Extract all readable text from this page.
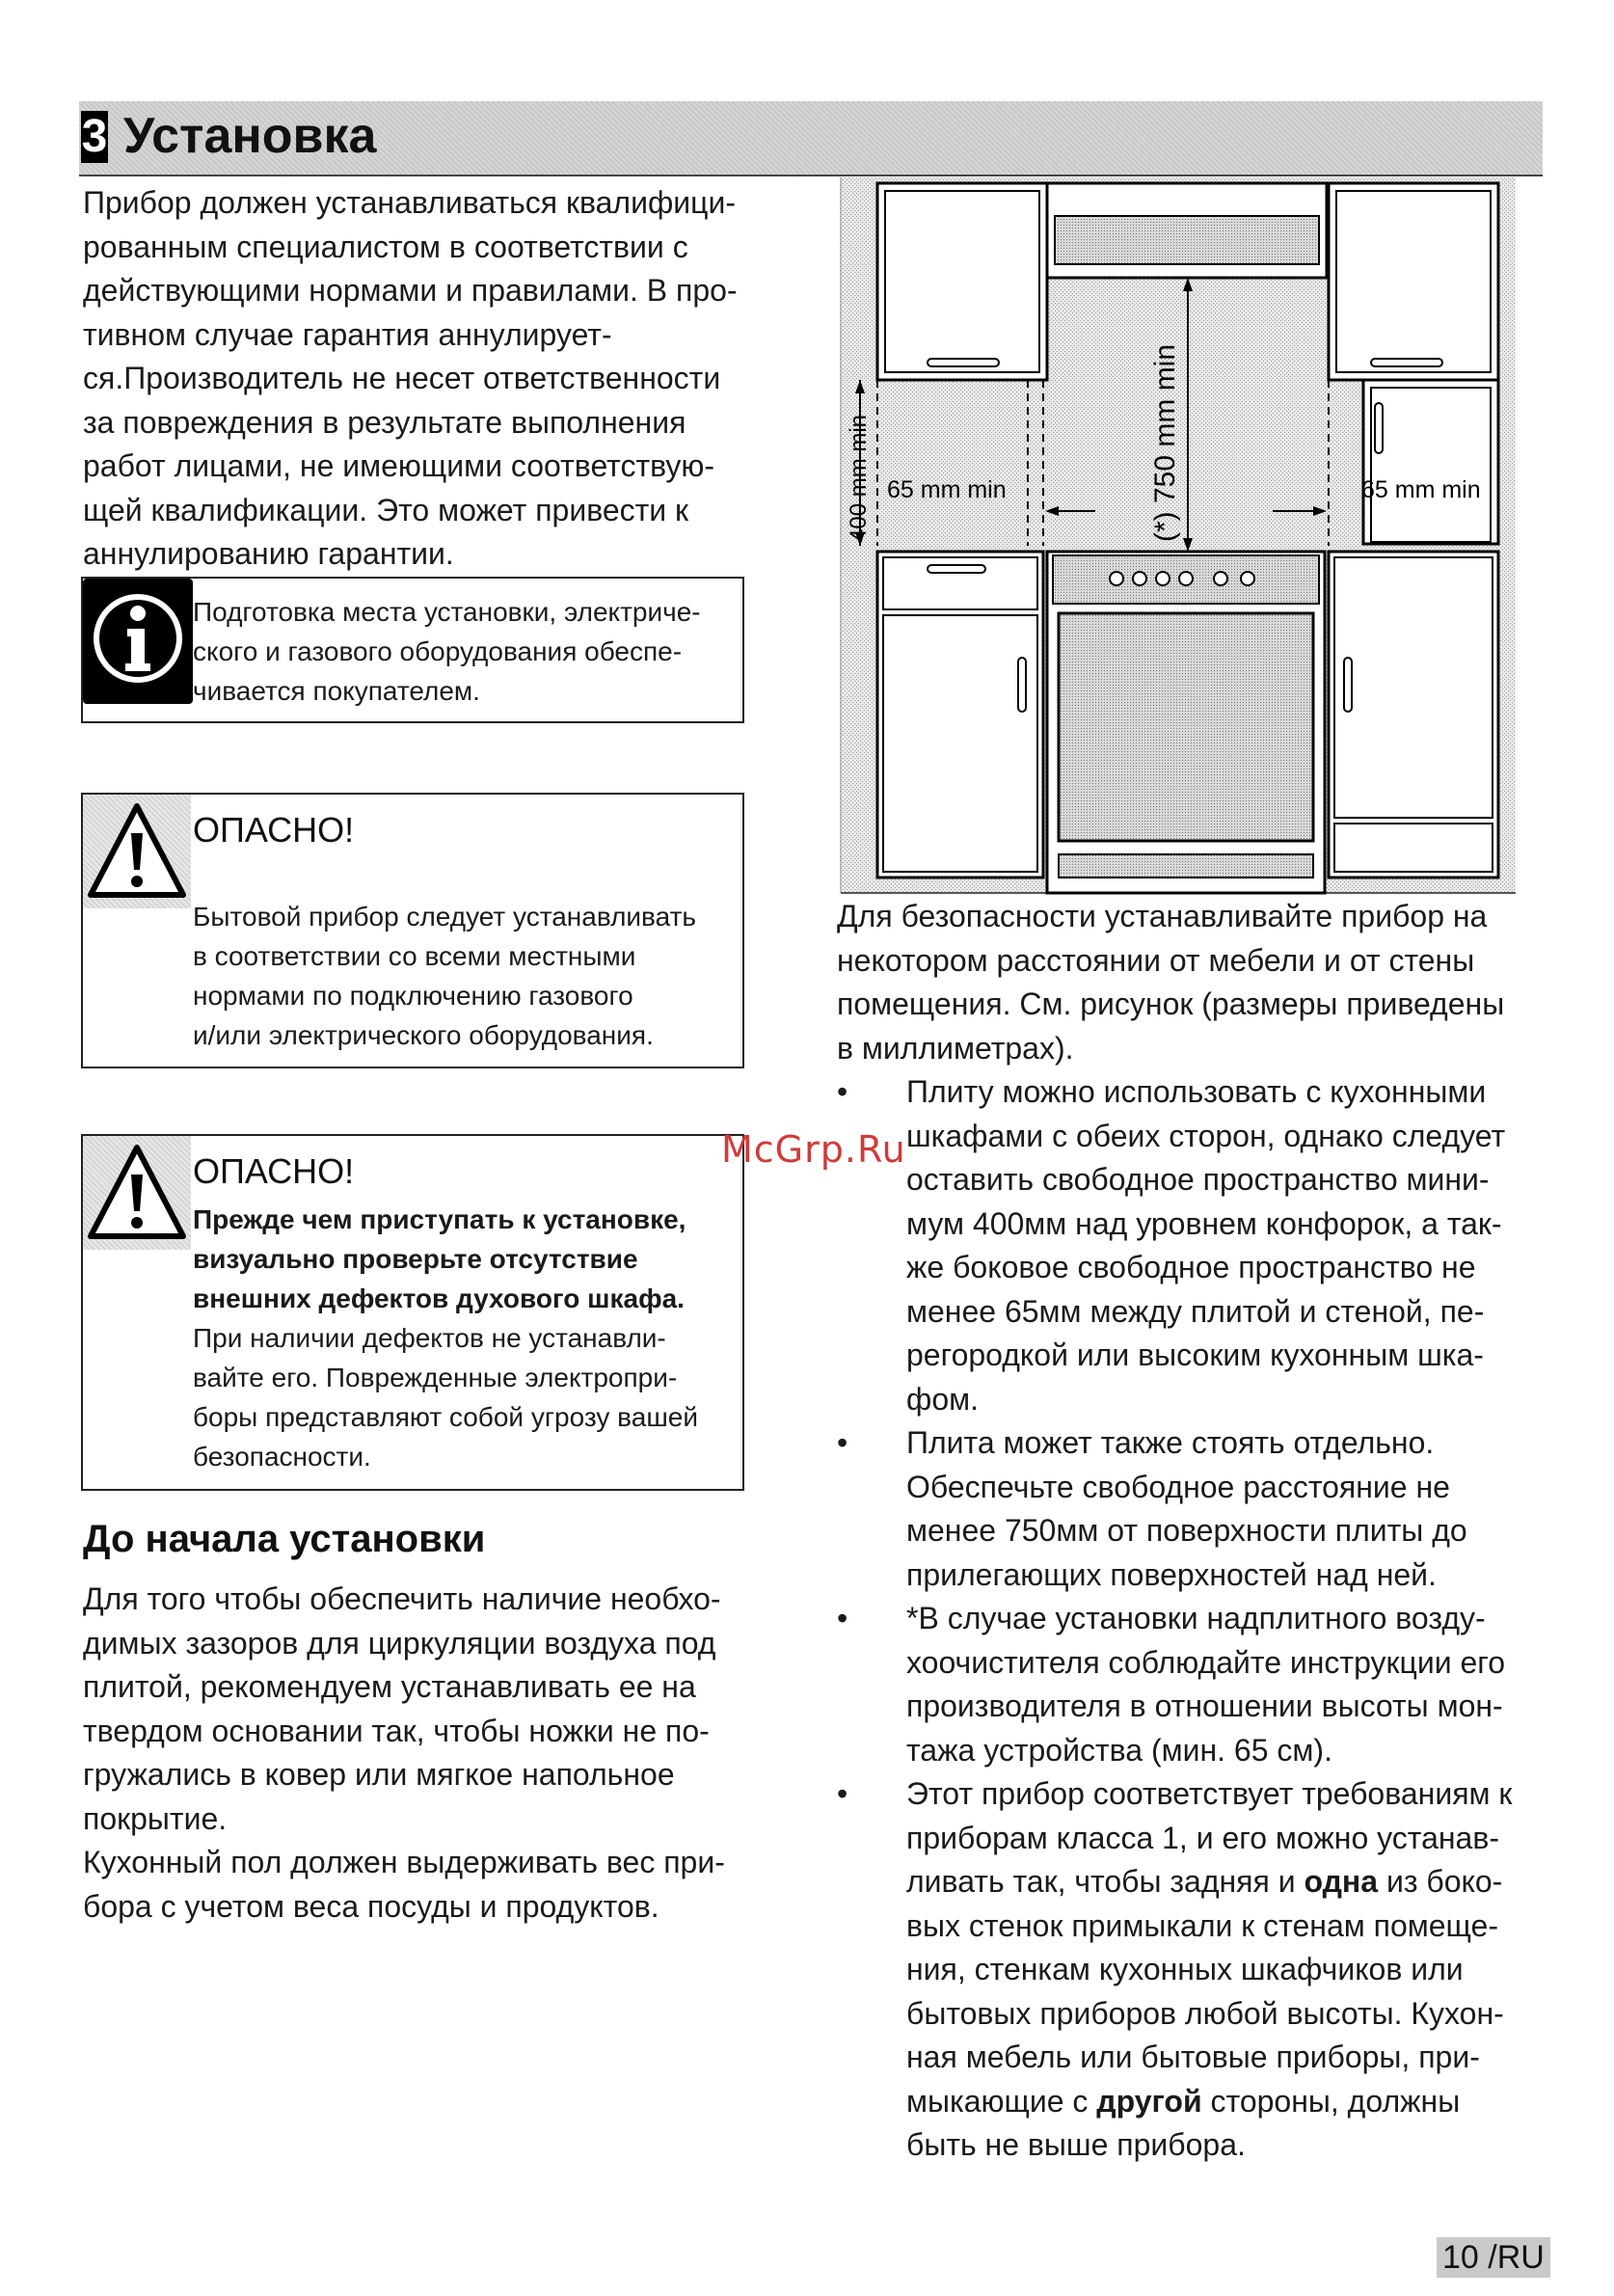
3 Установка
Прибор должен устанавливаться квалифици-
рованным специалистом в соответствии с
действующими нормами и правилами. В про-
тивном случае гарантия аннулирует-
ся.Производитель не несет ответственности
за повреждения в результате выполнения
работ лицами, не имеющими соответствую-
щей квалификации. Это может привести к
аннулированию гарантии.
Подготовка места установки, электриче-
ского и газового оборудования обеспе-
чивается покупателем.
ОПАСНО!
Бытовой прибор следует устанавливать
в соответствии со всеми местными
нормами по подключению газового
и/или электрического оборудования.
ОПАСНО!
Прежде чем приступать к установке,
визуально проверьте отсутствие
внешних дефектов духового шкафа.
При наличии дефектов не устанавли-
вайте его. Поврежденные электропри-
боры представляют собой угрозу вашей
безопасности.
До начала установки
Для того чтобы обеспечить наличие необхо-
димых зазоров для циркуляции воздуха под
плитой, рекомендуем устанавливать ее на
твердом основании так, чтобы ножки не по-
гружались в ковер или мягкое напольное
покрытие.
Кухонный пол должен выдерживать вес при-
бора с учетом веса посуды и продуктов.
400 mm min 65 mm min	65 mm min
(*) 750 mm min
Для безопасности устанавливайте прибор на
некотором расстоянии от мебели и от стены
помещения. См. рисунок (размеры приведены
в миллиметрах).
• Плиту можно использовать с кухонными
шкафами с обеих сторон, однако следует
оставить свободное пространство мини-
мум 400мм над уровнем конфорок, а так-
же боковое свободное пространство не
менее 65мм между плитой и стеной, пе-
регородкой или высоким кухонным шка-
фом.
• Плита может также стоять отдельно.
Обеспечьте свободное расстояние не
менее 750мм от поверхности плиты до
прилегающих поверхностей над ней.
• *В случае установки надплитного возду-
хоочистителя соблюдайте инструкции его
производителя в отношении высоты мон-
тажа устройства (мин. 65 см).
• Этот прибор соответствует требованиям к
приборам класса 1, и его можно устанав-
ливать так, чтобы задняя и одна из боко-
вых стенок примыкали к стенам помеще-
ния, стенкам кухонных шкафчиков или
бытовых приборов любой высоты. Кухон-
ная мебель или бытовые приборы, при-
мыкающие с другой стороны, должны
быть не выше прибора.
McGrp.Ru
10 /RU
